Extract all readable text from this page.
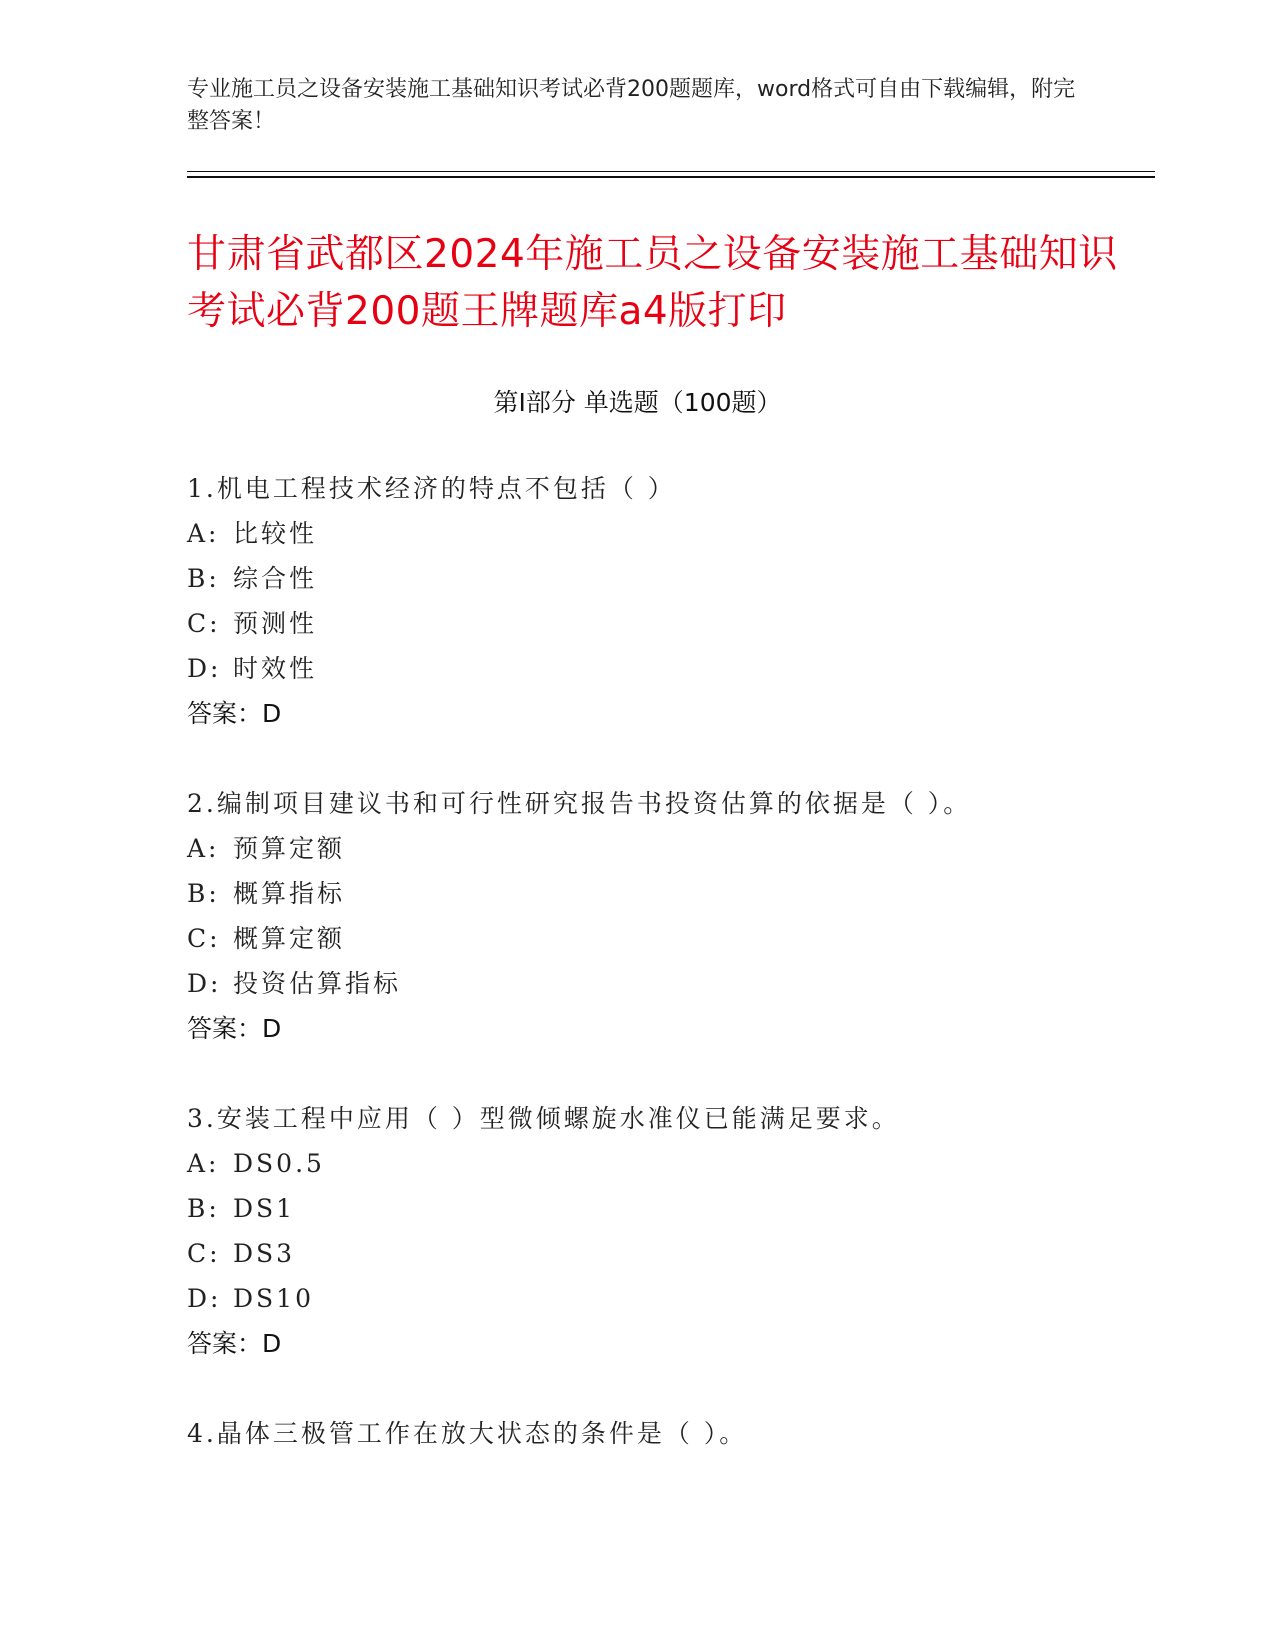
专业施工员之设备安装施工基础知识考试必背200题题库，word格式可自由下载编辑，附完整答案！
甘肃省武都区2024年施工员之设备安装施工基础知识考试必背200题王牌题库a4版打印
第I部分 单选题（100题）
1.机电工程技术经济的特点不包括（ ）
A: 比较性
B: 综合性
C: 预测性
D: 时效性
答案：D
2.编制项目建议书和可行性研究报告书投资估算的依据是（ ）。
A: 预算定额
B: 概算指标
C: 概算定额
D: 投资估算指标
答案：D
3.安装工程中应用（ ）型微倾螺旋水准仪已能满足要求。
A: DS0.5
B: DS1
C: DS3
D: DS10
答案：D
4.晶体三极管工作在放大状态的条件是（ ）。
